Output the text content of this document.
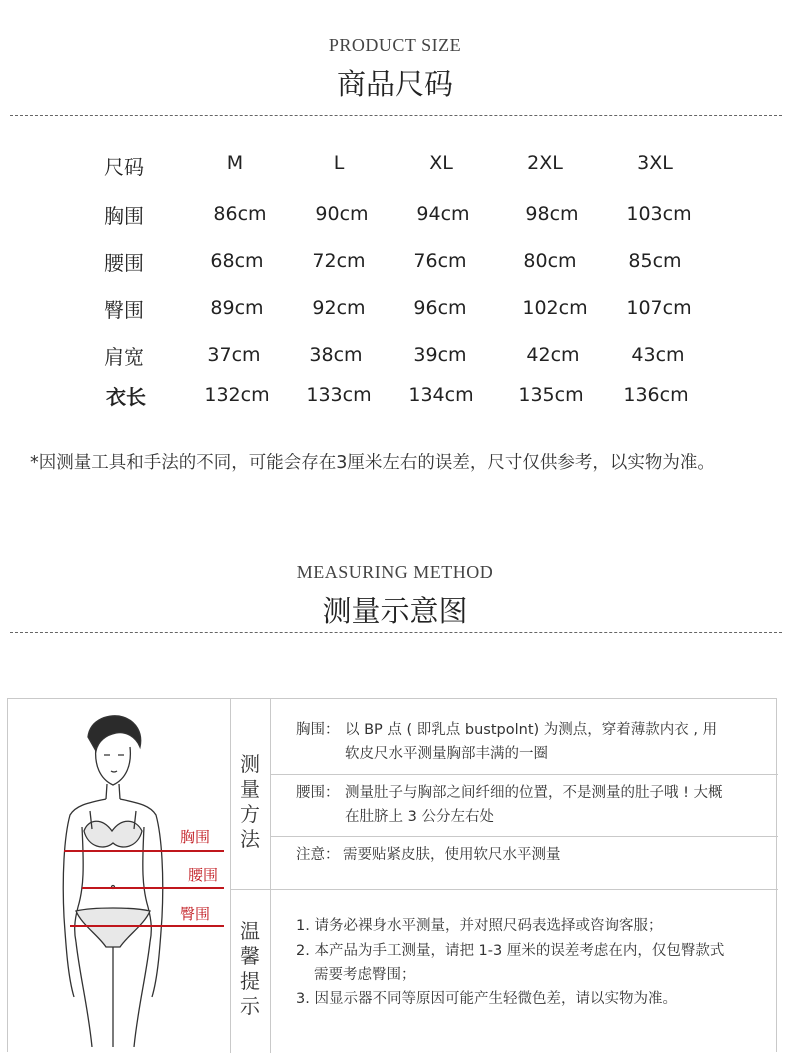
PRODUCT SIZE
商品尺码
尺码	M	L	XL	2XL	3XL
胸围	86cm	90cm	94cm	98cm	103cm
腰围	68cm	72cm	76cm	80cm	85cm
臀围	89cm	92cm	96cm	102cm 107cm
肩宽	37cm	38cm	39cm	42cm	43cm
衣长	132cm 133cm 134cm 135cm 136cm
*因测量工具和手法的不同，可能会存在3厘米左右的误差，尺寸仅供参考，以实物为准。
MEASURING METHOD
测量示意图
胸围
腰围
臀围
测
量
方
法
温
馨
提
示
胸围： 以 BP 点 ( 即乳点 bustpolnt) 为测点，穿着薄款内衣 , 用
软皮尺水平测量胸部丰满的一圈
腰围： 测量肚子与胸部之间纤细的位置，不是测量的肚子哦 ! 大概
在肚脐上 3 公分左右处
注意： 需要贴紧皮肤，使用软尺水平测量
1. 请务必裸身水平测量，并对照尺码表选择或咨询客服；
2. 本产品为手工测量，请把 1-3 厘米的误差考虑在内，仅包臀款式
需要考虑臀围；
3. 因显示器不同等原因可能产生轻微色差，请以实物为准。
